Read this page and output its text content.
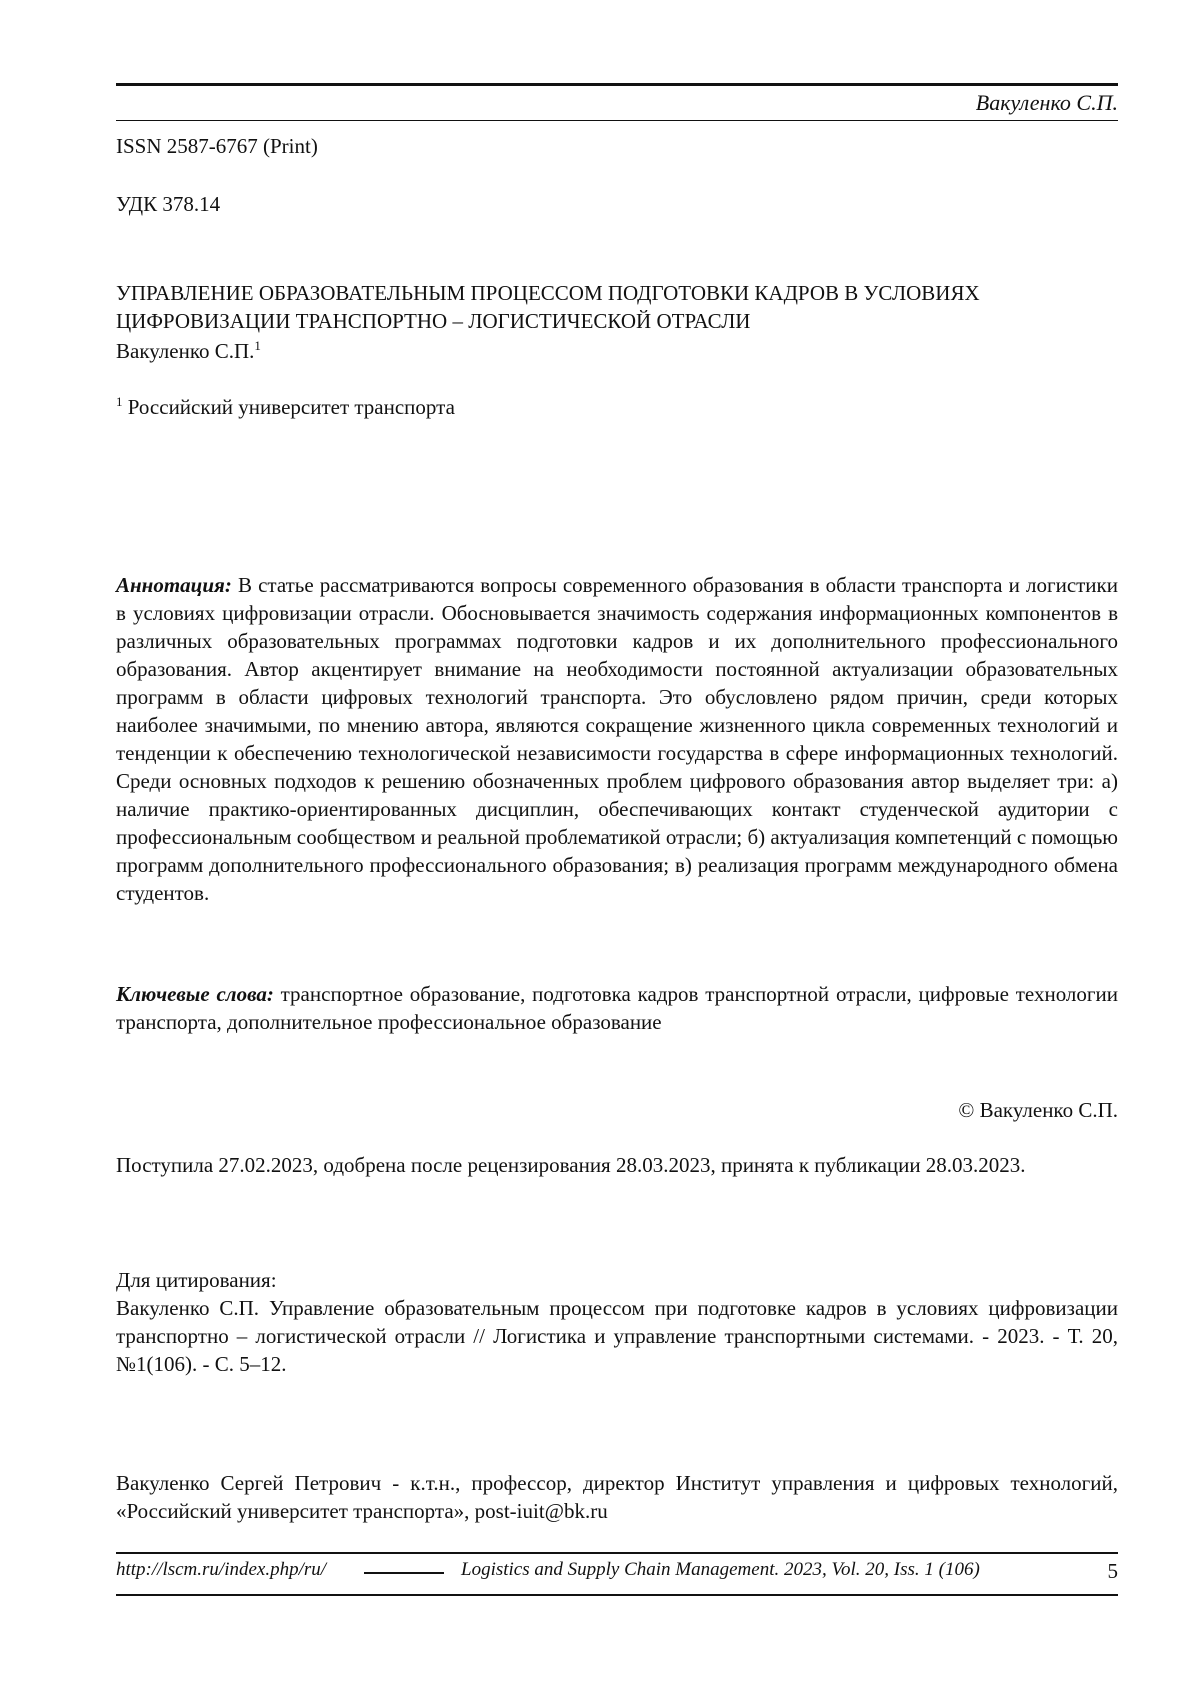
Вакуленко С.П.
ISSN 2587-6767 (Print)
УДК 378.14
УПРАВЛЕНИЕ ОБРАЗОВАТЕЛЬНЫМ ПРОЦЕССОМ ПОДГОТОВКИ КАДРОВ В УСЛОВИЯХ
ЦИФРОВИЗАЦИИ ТРАНСПОРТНО – ЛОГИСТИЧЕСКОЙ ОТРАСЛИ
Вакуленко С.П.$^1$
$^1$ Российский университет транспорта
Аннотация: В статье рассматриваются вопросы современного образования в области транспорта и логистики в условиях цифровизации отрасли. Обосновывается значимость содержания информационных компонентов в различных образовательных программах подготовки кадров и их дополнительного профессионального образования. Автор акцентирует внимание на необходимости постоянной актуализации образовательных программ в области цифровых технологий транспорта. Это обусловлено рядом причин, среди которых наиболее значимыми, по мнению автора, являются сокращение жизненного цикла современных технологий и тенденции к обеспечению технологической независимости государства в сфере информационных технологий. Среди основных подходов к решению обозначенных проблем цифрового образования автор выделяет три: а) наличие практико-ориентированных дисциплин, обеспечивающих контакт студенческой аудитории с профессиональным сообществом и реальной проблематикой отрасли; б) актуализация компетенций с помощью программ дополнительного профессионального образования; в) реализация программ международного обмена студентов.
Ключевые слова: транспортное образование, подготовка кадров транспортной отрасли, цифровые технологии транспорта, дополнительное профессиональное образование
© Вакуленко С.П.
Поступила 27.02.2023, одобрена после рецензирования 28.03.2023, принята к публикации 28.03.2023.
Для цитирования:
Вакуленко С.П. Управление образовательным процессом при подготовке кадров в условиях цифровизации транспортно – логистической отрасли // Логистика и управление транспортными системами. - 2023. - Т. 20, №1(106). - С. 5–12.
Вакуленко Сергей Петрович - к.т.н., профессор, директор Институт управления и цифровых технологий, «Российский университет транспорта», post-iuit@bk.ru
http://lscm.ru/index.php/ru/	Logistics and Supply Chain Management. 2023, Vol. 20, Iss. 1 (106)	5
